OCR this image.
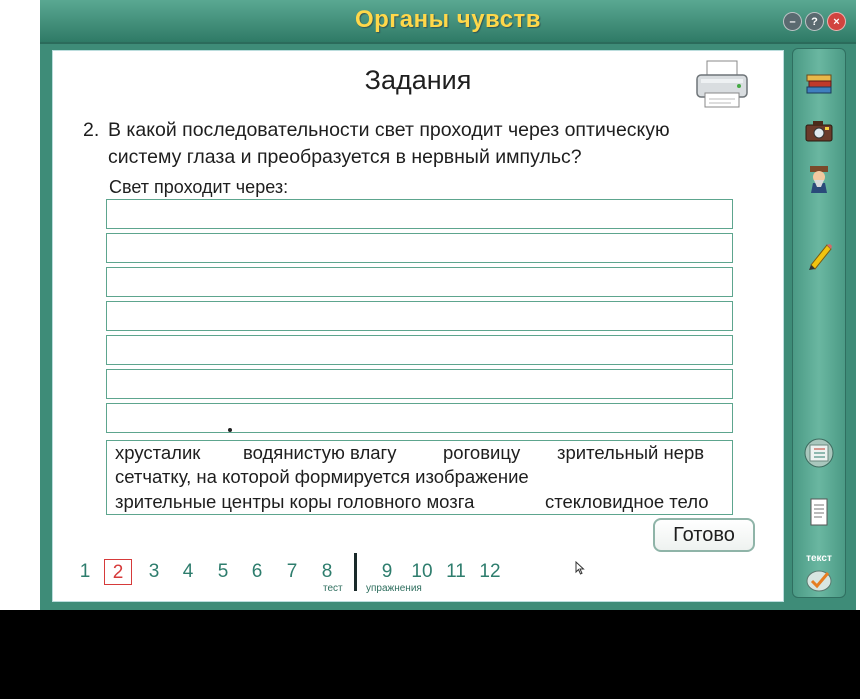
Органы чувств	–	?	×
Задания
2. В какой последовательности свет проходит через оптическую
систему глаза и преобразуется в нервный импульс?
Свет проходит через:
хрусталик водянистую влагу	роговицу зрительный нерв
сетчатку, на которой формируется изображение
зрительные центры коры головного мозга	стекловидное тело
Готово
1	2	3	4	5	6	7	8	9	10 11 12
тест упражнения
✕
текст
